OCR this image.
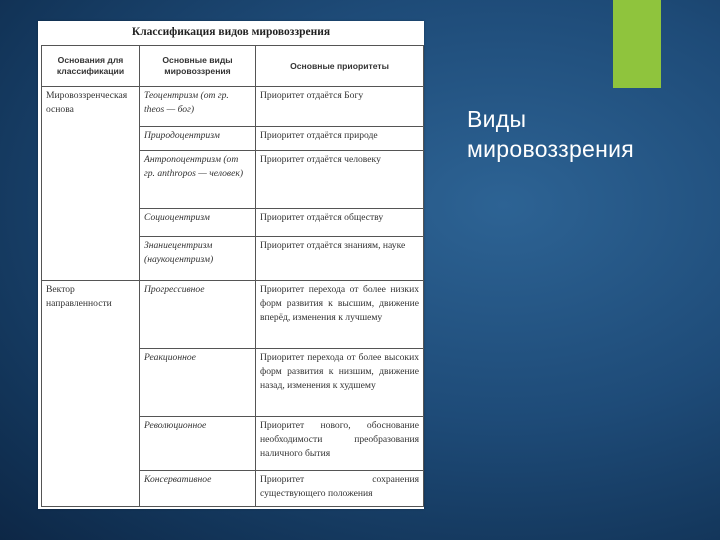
Виды
мировоззрения
Классификация видов мировоззрения
Основания для классификации	Основные виды мировоззрения	Основные приоритеты
Мировоззренческая основа	Теоцентризм (от гр. theos — бог)	Приоритет отдаётся Богу
	Природоцентризм	Приоритет отдаётся природе
	Антропоцентризм (от гр. anthropos — человек)	Приоритет отдаётся человеку
	Социоцентризм	Приоритет отдаётся обществу
	Знаниецентризм (наукоцентризм)	Приоритет отдаётся знаниям, науке
Вектор направленности	Прогрессивное	Приоритет перехода от более низких форм развития к высшим, движение вперёд, изменения к лучшему
	Реакционное	Приоритет перехода от более высоких форм развития к низшим, движение назад, изменения к худшему
	Революционное	Приоритет нового, обоснование необходимости преобразования наличного бытия
	Консервативное	Приоритет сохранения существующего положения
